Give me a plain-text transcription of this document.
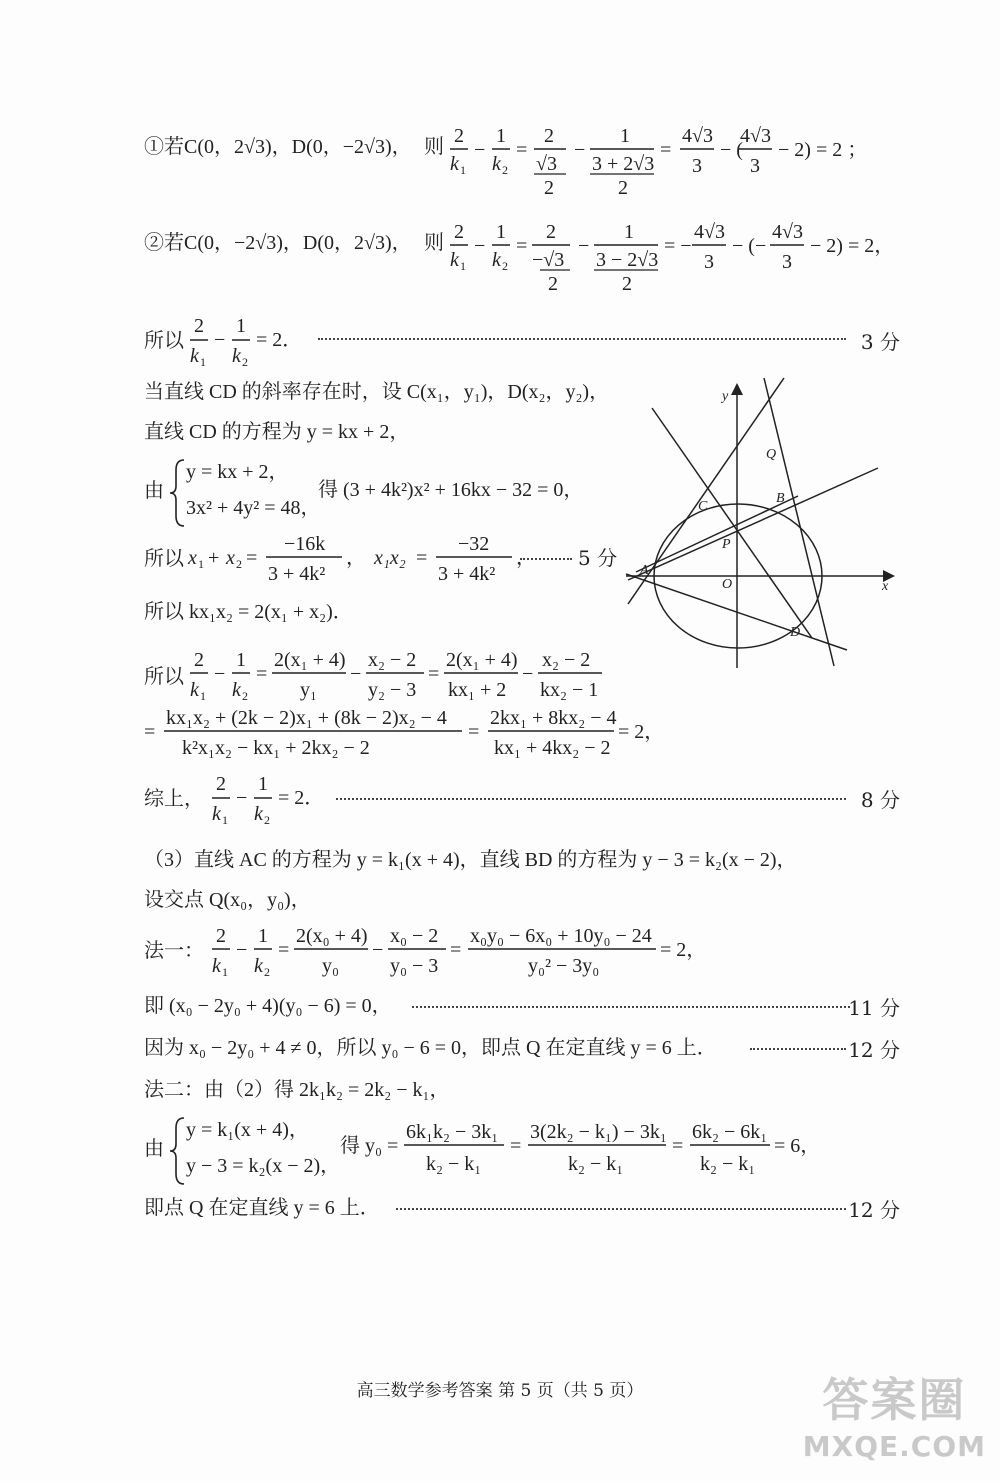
①若C(0，2√3)，D(0，−2√3)， 则 2
k 1
−
1
k 2
=
2
√3
2
−
1
3 + 2√3
2
=
4√3
3
− (
4√3
3
− 2) = 2 ；
②若C(0，−2√3)，D(0，2√3)， 则 2
k 1
−
1
k 2
=
2
−√3
2
−
1
3 − 2√3
2
= −
4√3
3
− (−
4√3
3
− 2) = 2，
所以
2
k 1
−
1
k 2
= 2．	3 分
当直线 CD 的斜率存在时，设 C(x₁，y₁)，D(x₂，y₂)，
直线 CD 的方程为 y = kx + 2，
由
y = kx + 2，
3x² + 4y² = 48，
得 (3 + 4k²)x² + 16kx − 32 = 0，
所以 x 1 + x 2 =
−16k
3 + 4k²
， x₁x₂ =
−32
3 + 4k²
， 5 分
所以 kx₁x₂ = 2(x₁ + x₂)．
所以
2
k 1
−
1
k 2
=
2(x₁ + 4)
y₁
−
x₂ − 2
y₂ − 3
=
2(x₁ + 4)
kx₁ + 2
−
x₂ − 2
kx₂ − 1
=
kx₁x₂ + (2k − 2)x₁ + (8k − 2)x₂ − 4
k²x₁x₂ − kx₁ + 2kx₂ − 2
=
2kx₁ + 8kx₂ − 4
kx₁ + 4kx₂ − 2
= 2，
综上，
2
k 1
−
1
k 2
= 2．	8 分
（3）直线 AC 的方程为 y = k₁(x + 4)，直线 BD 的方程为 y − 3 = k₂(x − 2)，
设交点 Q(x₀，y₀)，
法一：
2
k 1
−
1
k 2
=
2(x₀ + 4)
y₀
−
x₀ − 2
y₀ − 3
=
x₀y₀ − 6x₀ + 10y₀ − 24
y₀² − 3y₀
= 2，
即 (x₀ − 2y₀ + 4)(y₀ − 6) = 0，	11 分
因为 x₀ − 2y₀ + 4 ≠ 0，所以 y₀ − 6 = 0，即点 Q 在定直线 y = 6 上．	12 分
法二：由（2）得 2k₁k₂ = 2k₂ − k₁，
由
y = k₁(x + 4)，
y − 3 = k₂(x − 2)，
得 y₀ =
6k₁k₂ − 3k₁
k₂ − k₁
=
3(2k₂ − k₁) − 3k₁
k₂ − k₁
=
6k₂ − 6k₁
k₂ − k₁
= 6，
即点 Q 在定直线 y = 6 上．	12 分
y
x
O
A
B
C
D
P
Q
高三数学参考答案 第 5 页（共 5 页）	答案圈
MXQE.COM
